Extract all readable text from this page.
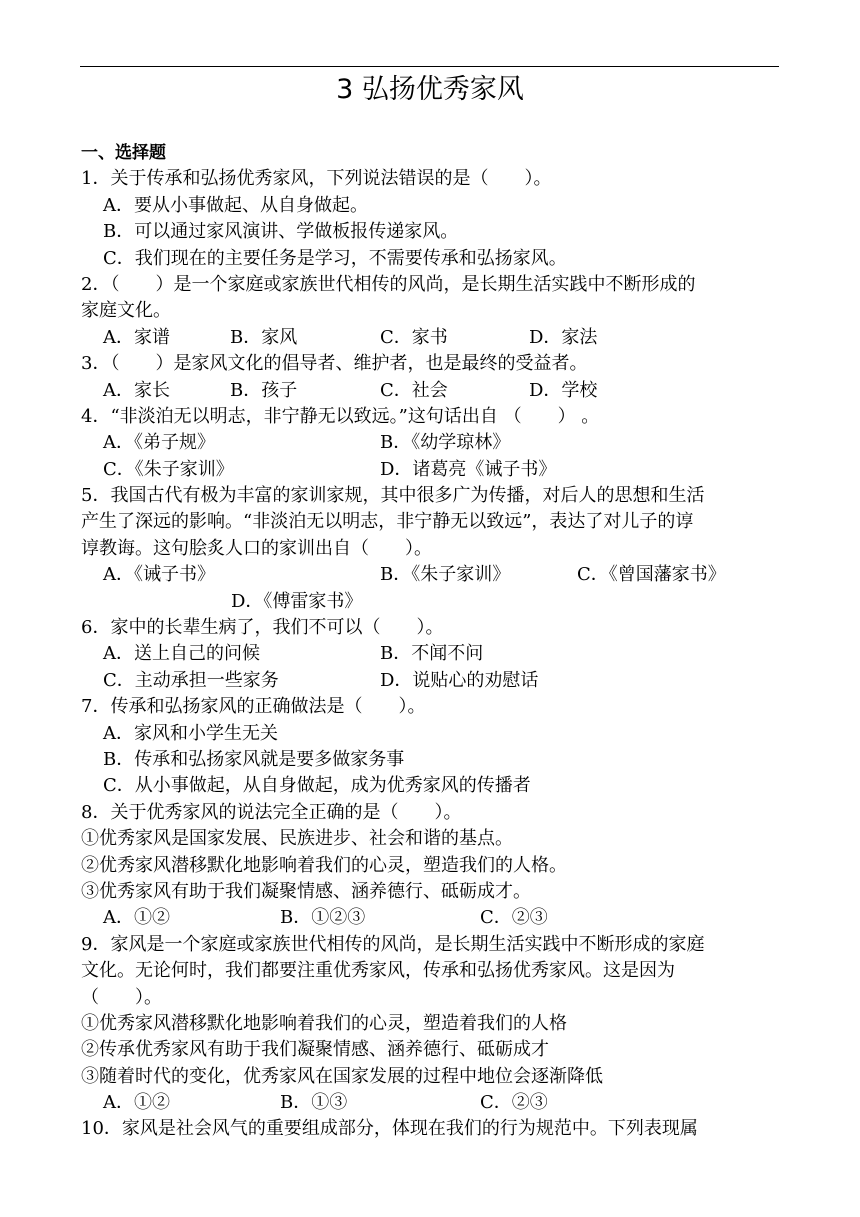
3 弘扬优秀家风
一、选择题
1．关于传承和弘扬优秀家风，下列说法错误的是（　　）。
A．要从小事做起、从自身做起。
B．可以通过家风演讲、学做板报传递家风。
C．我们现在的主要任务是学习，不需要传承和弘扬家风。
2．（　　）是一个家庭或家族世代相传的风尚，是长期生活实践中不断形成的
家庭文化。
A．家谱	B．家风	C．家书	D．家法
3．（　　）是家风文化的倡导者、维护者，也是最终的受益者。
A．家长	B．孩子	C．社会	D．学校
4．“非淡泊无以明志，非宁静无以致远。”这句话出自 （　　） 。
A．《弟子规》	B．《幼学琼林》
C．《朱子家训》	D．诸葛亮《诫子书》
5．我国古代有极为丰富的家训家规，其中很多广为传播，对后人的思想和生活
产生了深远的影响。“非淡泊无以明志，非宁静无以致远”，表达了对儿子的谆
谆教诲。这句脍炙人口的家训出自（　　）。
A．《诫子书》	B．《朱子家训》	C．《曾国藩家书》
D．《傅雷家书》
6．家中的长辈生病了，我们不可以（　　）。
A．送上自己的问候	B．不闻不问
C．主动承担一些家务	D．说贴心的劝慰话
7．传承和弘扬家风的正确做法是（　　）。
A．家风和小学生无关
B．传承和弘扬家风就是要多做家务事
C．从小事做起，从自身做起，成为优秀家风的传播者
8．关于优秀家风的说法完全正确的是（　　）。
①优秀家风是国家发展、民族进步、社会和谐的基点。
②优秀家风潜移默化地影响着我们的心灵，塑造我们的人格。
③优秀家风有助于我们凝聚情感、涵养德行、砥砺成才。
A．①②	B．①②③	C．②③
9．家风是一个家庭或家族世代相传的风尚，是长期生活实践中不断形成的家庭
文化。无论何时，我们都要注重优秀家风，传承和弘扬优秀家风。这是因为
（　　）。
①优秀家风潜移默化地影响着我们的心灵，塑造着我们的人格
②传承优秀家风有助于我们凝聚情感、涵养德行、砥砺成才
③随着时代的变化，优秀家风在国家发展的过程中地位会逐渐降低
A．①②	B．①③	C．②③
10．家风是社会风气的重要组成部分，体现在我们的行为规范中。下列表现属
